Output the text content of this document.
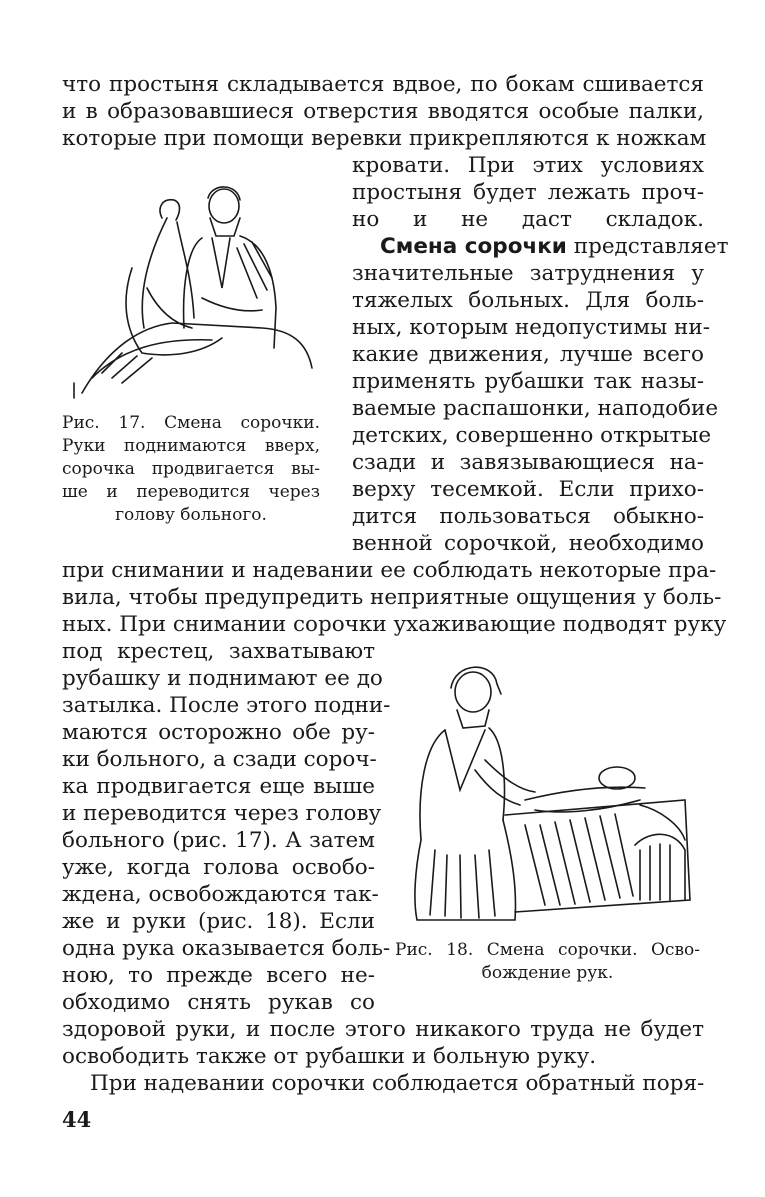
что простыня складывается вдвое, по бокам сшивается
и в образовавшиеся отверстия вводятся особые палки,
которые при помощи веревки прикрепляются к ножкам
кровати. При этих условиях
простыня будет лежать проч-
но и не даст складок.
Смена сорочки представляет
значительные затруднения у
тяжелых больных. Для боль-
ных, которым недопустимы ни-
какие движения, лучше всего
применять рубашки так назы-
ваемые распашонки, наподобие
детских, совершенно открытые
сзади и завязывающиеся на-
верху тесемкой. Если прихо-
дится пользоваться обыкно-
венной сорочкой, необходимо
Рис. 17. Смена сорочки.
Руки поднимаются вверх,
сорочка продвигается вы-
ше и переводится через
голову больного.
при снимании и надевании ее соблюдать некоторые пра-
вила, чтобы предупредить неприятные ощущения у боль-
ных. При снимании сорочки ухаживающие подводят руку
под крестец, захватывают
рубашку и поднимают ее до
затылка. После этого подни-
маются осторожно обе ру-
ки больного, а сзади сороч-
ка продвигается еще выше
и переводится через голову
больного (рис. 17). А затем
уже, когда голова освобо-
ждена, освобождаются так-
же и руки (рис. 18). Если
одна рука оказывается боль-
ною, то прежде всего не-
обходимо снять рукав со
Рис. 18. Смена сорочки. Осво-
бождение рук.
здоровой руки, и после этого никакого труда не будет
освободить также от рубашки и больную руку.
При надевании сорочки соблюдается обратный поря-
44
